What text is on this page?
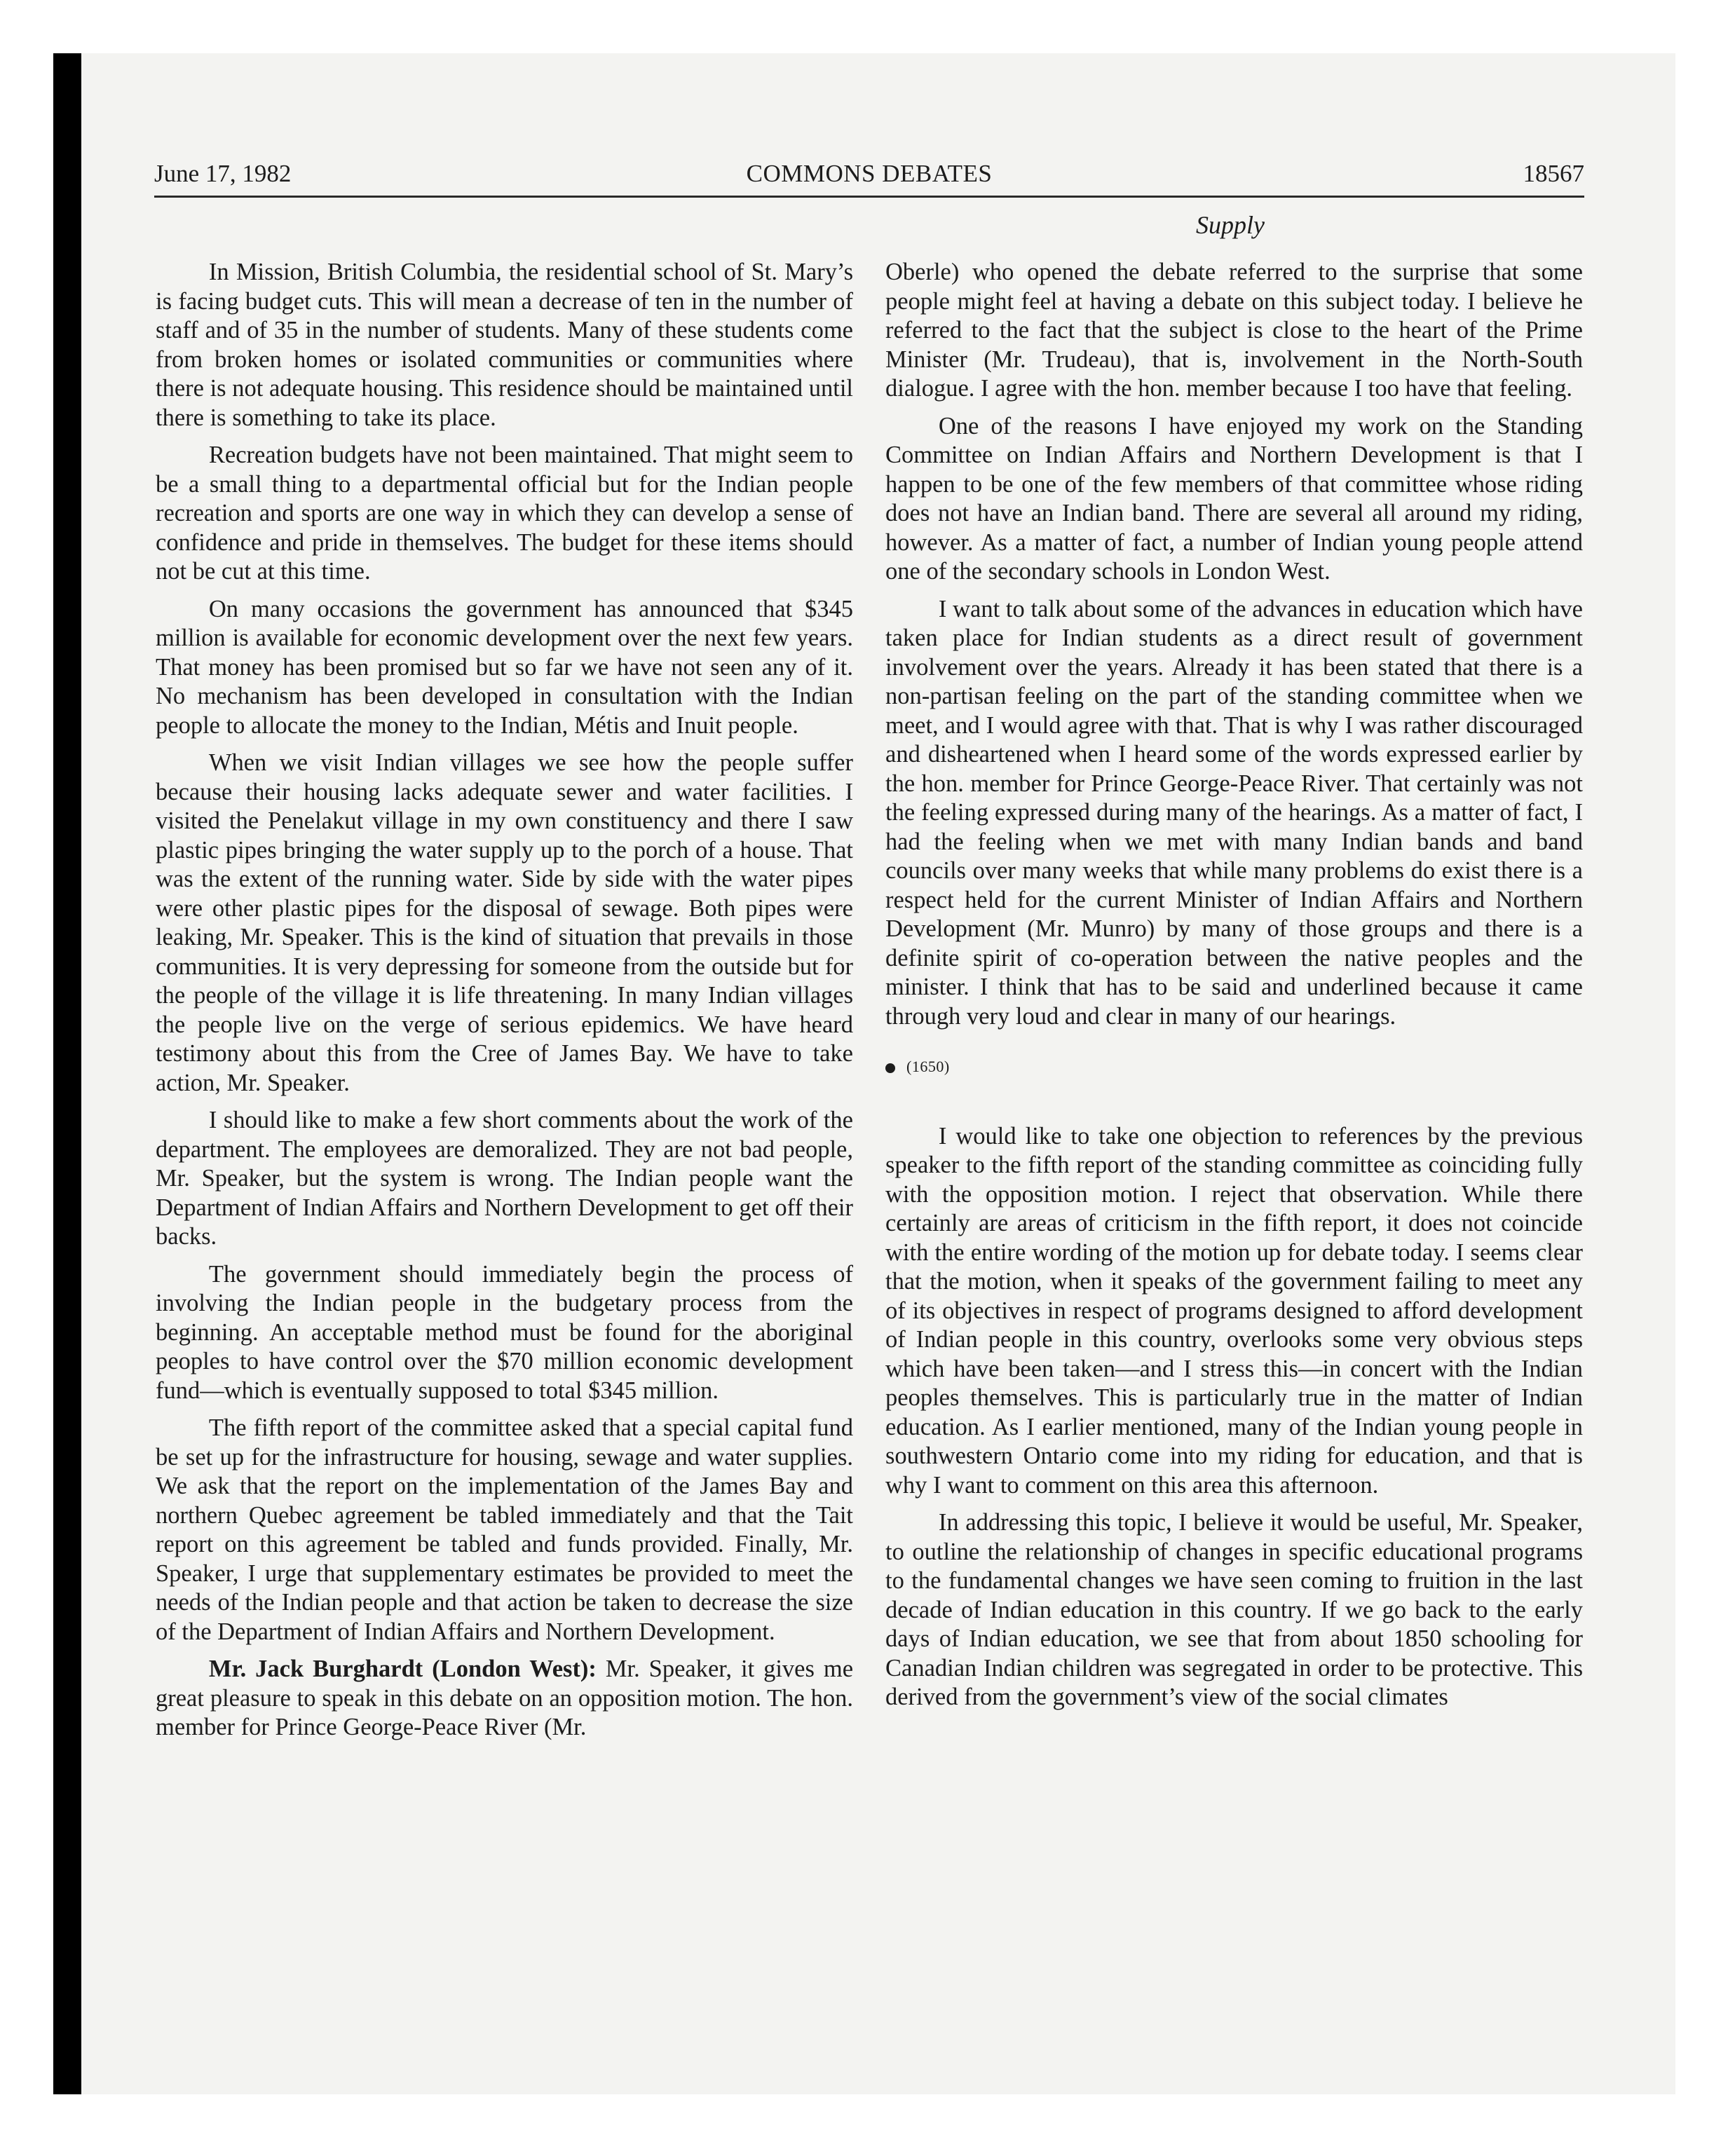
June 17, 1982	COMMONS DEBATES	18567
Supply

In Mission, British Columbia, the residential school of St. Mary’s is facing budget cuts. This will mean a decrease of ten in the number of staff and of 35 in the number of students. Many of these students come from broken homes or isolated communities or communities where there is not adequate housing. This residence should be maintained until there is something to take its place.

Recreation budgets have not been maintained. That might seem to be a small thing to a departmental official but for the Indian people recreation and sports are one way in which they can develop a sense of confidence and pride in themselves. The budget for these items should not be cut at this time.

On many occasions the government has announced that $345 million is available for economic development over the next few years. That money has been promised but so far we have not seen any of it. No mechanism has been developed in consultation with the Indian people to allocate the money to the Indian, Métis and Inuit people.

When we visit Indian villages we see how the people suffer because their housing lacks adequate sewer and water facilities. I visited the Penelakut village in my own constituency and there I saw plastic pipes bringing the water supply up to the porch of a house. That was the extent of the running water. Side by side with the water pipes were other plastic pipes for the disposal of sewage. Both pipes were leaking, Mr. Speaker. This is the kind of situation that prevails in those communities. It is very depressing for someone from the outside but for the people of the village it is life threatening. In many Indian villages the people live on the verge of serious epidemics. We have heard testimony about this from the Cree of James Bay. We have to take action, Mr. Speaker.

I should like to make a few short comments about the work of the department. The employees are demoralized. They are not bad people, Mr. Speaker, but the system is wrong. The Indian people want the Department of Indian Affairs and Northern Development to get off their backs.

The government should immediately begin the process of involving the Indian people in the budgetary process from the beginning. An acceptable method must be found for the aboriginal peoples to have control over the $70 million economic development fund—which is eventually supposed to total $345 million.

The fifth report of the committee asked that a special capital fund be set up for the infrastructure for housing, sewage and water supplies. We ask that the report on the implementation of the James Bay and northern Quebec agreement be tabled immediately and that the Tait report on this agreement be tabled and funds provided. Finally, Mr. Speaker, I urge that supplementary estimates be provided to meet the needs of the Indian people and that action be taken to decrease the size of the Department of Indian Affairs and Northern Development.

Mr. Jack Burghardt (London West): Mr. Speaker, it gives me great pleasure to speak in this debate on an opposition motion. The hon. member for Prince George-Peace River (Mr.

Oberle) who opened the debate referred to the surprise that some people might feel at having a debate on this subject today. I believe he referred to the fact that the subject is close to the heart of the Prime Minister (Mr. Trudeau), that is, involvement in the North-South dialogue. I agree with the hon. member because I too have that feeling.

One of the reasons I have enjoyed my work on the Standing Committee on Indian Affairs and Northern Development is that I happen to be one of the few members of that committee whose riding does not have an Indian band. There are several all around my riding, however. As a matter of fact, a number of Indian young people attend one of the secondary schools in London West.

I want to talk about some of the advances in education which have taken place for Indian students as a direct result of government involvement over the years. Already it has been stated that there is a non-partisan feeling on the part of the standing committee when we meet, and I would agree with that. That is why I was rather discouraged and disheartened when I heard some of the words expressed earlier by the hon. member for Prince George-Peace River. That certainly was not the feeling expressed during many of the hearings. As a matter of fact, I had the feeling when we met with many Indian bands and band councils over many weeks that while many problems do exist there is a respect held for the current Minister of Indian Affairs and Northern Development (Mr. Munro) by many of those groups and there is a definite spirit of co-operation between the native peoples and the minister. I think that has to be said and underlined because it came through very loud and clear in many of our hearings.

(1650)

I would like to take one objection to references by the previous speaker to the fifth report of the standing committee as coinciding fully with the opposition motion. I reject that observation. While there certainly are areas of criticism in the fifth report, it does not coincide with the entire wording of the motion up for debate today. I seems clear that the motion, when it speaks of the government failing to meet any of its objectives in respect of programs designed to afford development of Indian people in this country, overlooks some very obvious steps which have been taken—and I stress this—in concert with the Indian peoples themselves. This is particularly true in the matter of Indian education. As I earlier mentioned, many of the Indian young people in southwestern Ontario come into my riding for education, and that is why I want to comment on this area this afternoon.

In addressing this topic, I believe it would be useful, Mr. Speaker, to outline the relationship of changes in specific educational programs to the fundamental changes we have seen coming to fruition in the last decade of Indian education in this country. If we go back to the early days of Indian education, we see that from about 1850 schooling for Canadian Indian children was segregated in order to be protective. This derived from the government’s view of the social climates
